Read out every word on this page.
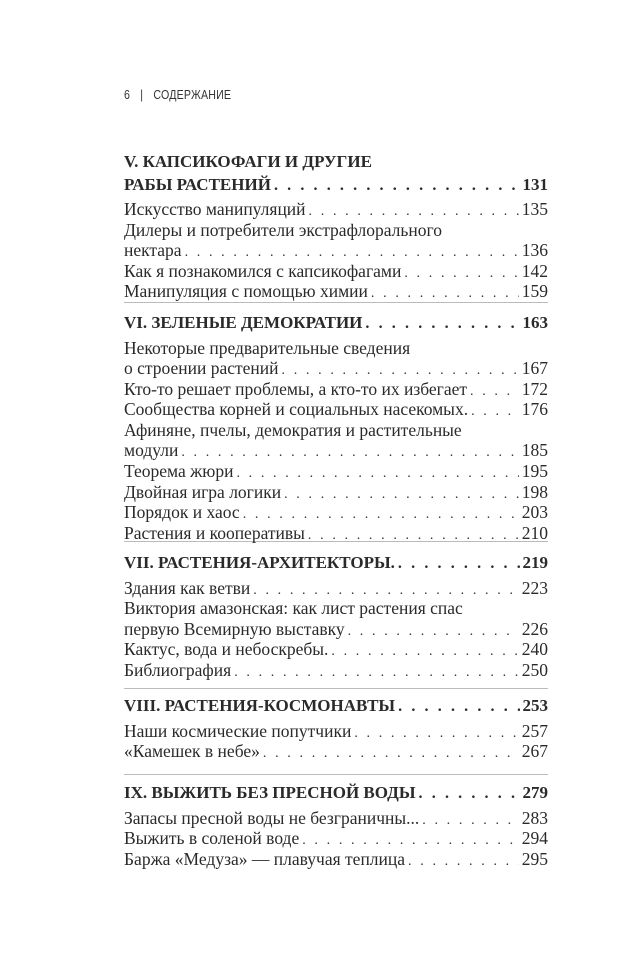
6 | СОДЕРЖАНИЕ
V. КАПСИКОФАГИ И ДРУГИЕ
РАБЫ РАСТЕНИЙ . . .	131
Искусство манипуляций . . .	135
Дилеры и потребители экстрафлорального
нектара . . .	136
Как я познакомился с капсикофагами . . .	142
Манипуляция с помощью химии . . .	159
VI. ЗЕЛЕНЫЕ ДЕМОКРАТИИ . . .	163
Некоторые предварительные сведения
о строении растений . . .	167
Кто-то решает проблемы, а кто-то их избегает . . .	172
Сообщества корней и социальных насекомых. . . .	176
Афиняне, пчелы, демократия и растительные
модули . . .	185
Теорема жюри . . .	195
Двойная игра логики . . .	198
Порядок и хаос . . .	203
Растения и кооперативы . . .	210
VII. РАСТЕНИЯ-АРХИТЕКТОРЫ. . . .	219
Здания как ветви . . .	223
Виктория амазонская: как лист растения спас
первую Всемирную выставку . . .	226
Кактус, вода и небоскребы. . . .	240
Библиография . . .	250
VIII. РАСТЕНИЯ-КОСМОНАВТЫ . . .	253
Наши космические попутчики . . .	257
«Камешек в небе» . . .	267
IX. ВЫЖИТЬ БЕЗ ПРЕСНОЙ ВОДЫ . . .	279
Запасы пресной воды не безграничны... . . .	283
Выжить в соленой воде . . .	294
Баржа «Медуза» — плавучая теплица . . .	295
